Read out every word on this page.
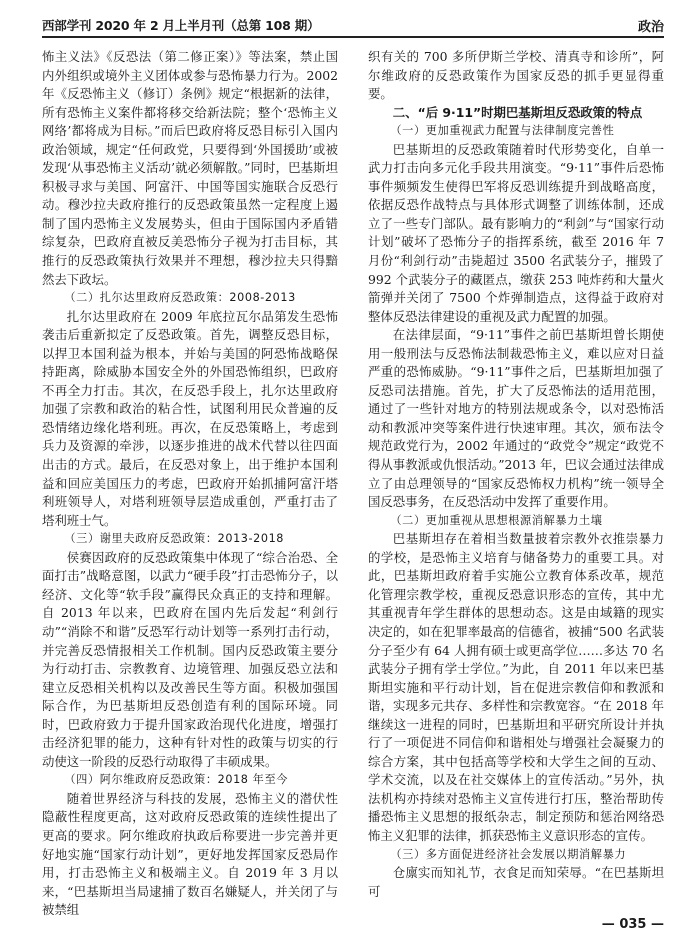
西部学刊 2020 年 2 月上半月刊（总第 108 期）	政治

怖主义法》《反恐法（第二修正案）》等法案，禁止国内外组织或境外主义团体或参与恐怖暴力行为。2002 年《反恐怖主义（修订）条例》规定“根据新的法律，所有恐怖主义案件都将移交给新法院；整个‘恐怖主义网络’都将成为目标。”而后巴政府将反恐目标引入国内政治领域，规定“任何政党，只要得到‘外国援助’或被发现‘从事恐怖主义活动’就必须解散。”同时，巴基斯坦积极寻求与美国、阿富汗、中国等国实施联合反恐行动。穆沙拉夫政府推行的反恐政策虽然一定程度上遏制了国内恐怖主义发展势头，但由于国际国内矛盾错综复杂，巴政府直被反美恐怖分子视为打击目标，其推行的反恐政策执行效果并不理想，穆沙拉夫只得黯然去下政坛。

（二）扎尔达里政府反恐政策：2008-2013

扎尔达里政府在 2009 年底拉瓦尔品第发生恐怖袭击后重新拟定了反恐政策。首先，调整反恐目标，以捍卫本国利益为根本，并始与美国的阿恐怖战略保持距离，除威胁本国安全外的外国恐怖组织，巴政府不再全力打击。其次，在反恐手段上，扎尔达里政府加强了宗教和政治的粘合性，试图利用民众普遍的反恐情绪边缘化塔利班。再次，在反恐策略上，考虑到兵力及资源的牵涉，以逐步推进的战术代替以往四面出击的方式。最后，在反恐对象上，出于维护本国利益和回应美国压力的考虑，巴政府开始抓捕阿富汗塔利班领导人，对塔利班领导层造成重创，严重打击了塔利班士气。

（三）谢里夫政府反恐政策：2013-2018

侯赛因政府的反恐政策集中体现了“综合治恐、全面打击”战略意图，以武力“硬手段”打击恐怖分子，以经济、文化等“软手段”赢得民众真正的支持和理解。自 2013 年以来，巴政府在国内先后发起“利剑行动”“消除不和谐”反恐军行动计划等一系列打击行动，并完善反恐情报相关工作机制。国内反恐政策主要分为行动打击、宗教教育、边境管理、加强反恐立法和建立反恐相关机构以及改善民生等方面。积极加强国际合作，为巴基斯坦反恐创造有利的国际环境。同时，巴政府致力于提升国家政治现代化进度，增强打击经济犯罪的能力，这种有针对性的政策与切实的行动使这一阶段的反恐行动取得了丰硕成果。

（四）阿尔维政府反恐政策：2018 年至今

随着世界经济与科技的发展，恐怖主义的潜伏性隐蔽性程度更高，这对政府反恐政策的连续性提出了更高的要求。阿尔维政府执政后称要进一步完善并更好地实施“国家行动计划”，更好地发挥国家反恐局作用，打击恐怖主义和极端主义。自 2019 年 3 月以来，“巴基斯坦当局逮捕了数百名嫌疑人，并关闭了与被禁组

织有关的 700 多所伊斯兰学校、清真寺和诊所”，阿尔维政府的反恐政策作为国家反恐的抓手更显得重要。

二、“后 9·11”时期巴基斯坦反恐政策的特点
（一）更加重视武力配置与法律制度完善性

巴基斯坦的反恐政策随着时代形势变化，自单一武力打击向多元化手段共用演变。“9·11”事件后恐怖事件频频发生使得巴军将反恐训练提升到战略高度，依据反恐作战特点与具体形式调整了训练体制，还成立了一些专门部队。最有影响力的“利剑”与“国家行动计划”破坏了恐怖分子的指挥系统，截至 2016 年 7 月份“利剑行动”击毙超过 3500 名武装分子，摧毁了 992 个武装分子的藏匿点，缴获 253 吨炸药和大量火箭弹并关闭了 7500 个炸弹制造点，这得益于政府对整体反恐法律建设的重视及武力配置的加强。

在法律层面，“9·11”事件之前巴基斯坦曾长期使用一般刑法与反恐怖法制裁恐怖主义，难以应对日益严重的恐怖威胁。“9·11”事件之后，巴基斯坦加强了反恐司法措施。首先，扩大了反恐怖法的适用范围，通过了一些针对地方的特别法规或条令，以对恐怖活动和教派冲突等案件进行快速审理。其次，颁布法令规范政党行为，2002 年通过的“政党令”规定“政党不得从事教派或仇恨活动。”2013 年，巴议会通过法律成立了由总理领导的“国家反恐怖权力机构”统一领导全国反恐事务，在反恐活动中发挥了重要作用。

（二）更加重视从思想根源消解暴力土壤

巴基斯坦存在着相当数量披着宗教外衣推崇暴力的学校，是恐怖主义培育与储备势力的重要工具。对此，巴基斯坦政府着手实施公立教育体系改革，规范化管理宗教学校，重视反恐意识形态的宣传，其中尤其重视青年学生群体的思想动态。这是由域籍的现实决定的，如在犯罪率最高的信德省，被捕“500 名武装分子至少有 64 人拥有硕士或更高学位……多达 70 名武装分子拥有学士学位。”为此，自 2011 年以来巴基斯坦实施和平行动计划，旨在促进宗教信仰和教派和谐，实现多元共存、多样性和宗教宽容。“在 2018 年继续这一进程的同时，巴基斯坦和平研究所设计并执行了一项促进不同信仰和谐相处与增强社会凝聚力的综合方案，其中包括高等学校和大学生之间的互动、学术交流，以及在社交媒体上的宣传活动。”另外，执法机构亦持续对恐怖主义宣传进行打压，整治帮助传播恐怖主义思想的报纸杂志，制定预防和惩治网络恐怖主义犯罪的法律，抓获恐怖主义意识形态的宣传。

（三）多方面促进经济社会发展以期消解暴力

仓廪实而知礼节，衣食足而知荣辱。“在巴基斯坦可

— 035 —
